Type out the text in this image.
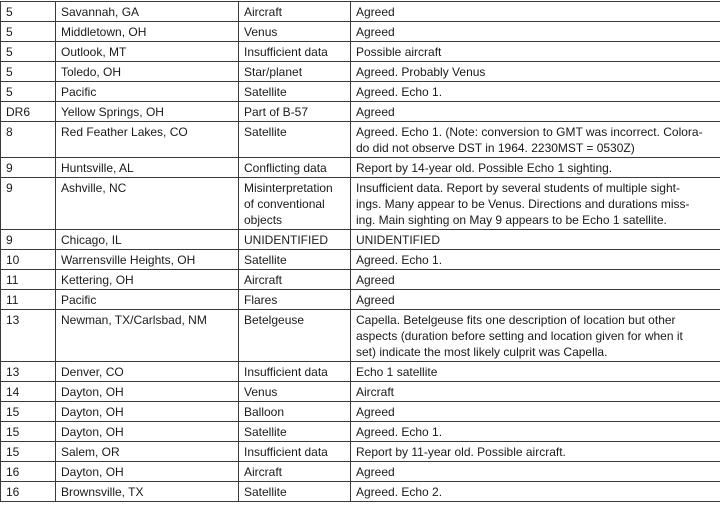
5	Savannah, GA	Aircraft	Agreed
5	Middletown, OH	Venus	Agreed
5	Outlook, MT	Insufficient data	Possible aircraft
5	Toledo, OH	Star/planet	Agreed. Probably Venus
5	Pacific	Satellite	Agreed. Echo 1.
DR6	Yellow Springs, OH	Part of B-57	Agreed
8	Red Feather Lakes, CO	Satellite	Agreed. Echo 1. (Note: conversion to GMT was incorrect. Colora-
do did not observe DST in 1964. 2230MST = 0530Z)
9	Huntsville, AL	Conflicting data	Report by 14-year old. Possible Echo 1 sighting.
9	Ashville, NC	Misinterpretation
of conventional
objects	Insufficient data. Report by several students of multiple sight-
ings. Many appear to be Venus. Directions and durations miss-
ing. Main sighting on May 9 appears to be Echo 1 satellite.
9	Chicago, IL	UNIDENTIFIED	UNIDENTIFIED
10	Warrensville Heights, OH	Satellite	Agreed. Echo 1.
11	Kettering, OH	Aircraft	Agreed
11	Pacific	Flares	Agreed
13	Newman, TX/Carlsbad, NM	Betelgeuse	Capella. Betelgeuse fits one description of location but other
aspects (duration before setting and location given for when it
set) indicate the most likely culprit was Capella.
13	Denver, CO	Insufficient data	Echo 1 satellite
14	Dayton, OH	Venus	Aircraft
15	Dayton, OH	Balloon	Agreed
15	Dayton, OH	Satellite	Agreed. Echo 1.
15	Salem, OR	Insufficient data	Report by 11-year old. Possible aircraft.
16	Dayton, OH	Aircraft	Agreed
16	Brownsville, TX	Satellite	Agreed. Echo 2.
